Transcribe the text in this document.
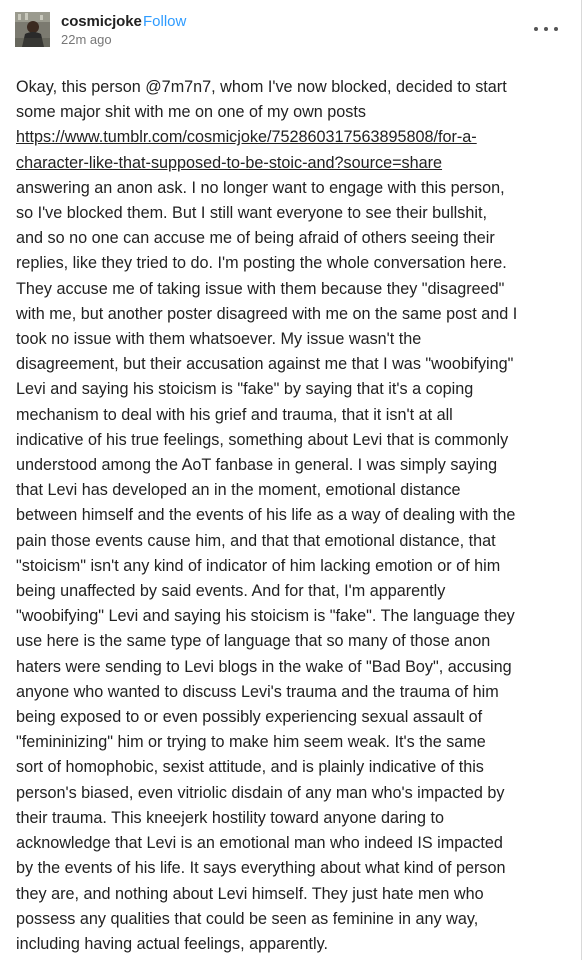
cosmicjoke Follow
22m ago
Okay, this person @7m7n7, whom I've now blocked, decided to start
some major shit with me on one of my own posts
https://www.tumblr.com/cosmicjoke/752860317563895808/for-a-
character-like-that-supposed-to-be-stoic-and?source=share
answering an anon ask. I no longer want to engage with this person,
so I've blocked them. But I still want everyone to see their bullshit,
and so no one can accuse me of being afraid of others seeing their
replies, like they tried to do. I'm posting the whole conversation here.
They accuse me of taking issue with them because they "disagreed"
with me, but another poster disagreed with me on the same post and I
took no issue with them whatsoever. My issue wasn't the
disagreement, but their accusation against me that I was "woobifying"
Levi and saying his stoicism is "fake" by saying that it's a coping
mechanism to deal with his grief and trauma, that it isn't at all
indicative of his true feelings, something about Levi that is commonly
understood among the AoT fanbase in general. I was simply saying
that Levi has developed an in the moment, emotional distance
between himself and the events of his life as a way of dealing with the
pain those events cause him, and that that emotional distance, that
"stoicism" isn't any kind of indicator of him lacking emotion or of him
being unaffected by said events. And for that, I'm apparently
"woobifying" Levi and saying his stoicism is "fake". The language they
use here is the same type of language that so many of those anon
haters were sending to Levi blogs in the wake of "Bad Boy", accusing
anyone who wanted to discuss Levi's trauma and the trauma of him
being exposed to or even possibly experiencing sexual assault of
"femininizing" him or trying to make him seem weak. It's the same
sort of homophobic, sexist attitude, and is plainly indicative of this
person's biased, even vitriolic disdain of any man who's impacted by
their trauma. This kneejerk hostility toward anyone daring to
acknowledge that Levi is an emotional man who indeed IS impacted
by the events of his life. It says everything about what kind of person
they are, and nothing about Levi himself. They just hate men who
possess any qualities that could be seen as feminine in any way,
including having actual feelings, apparently.
